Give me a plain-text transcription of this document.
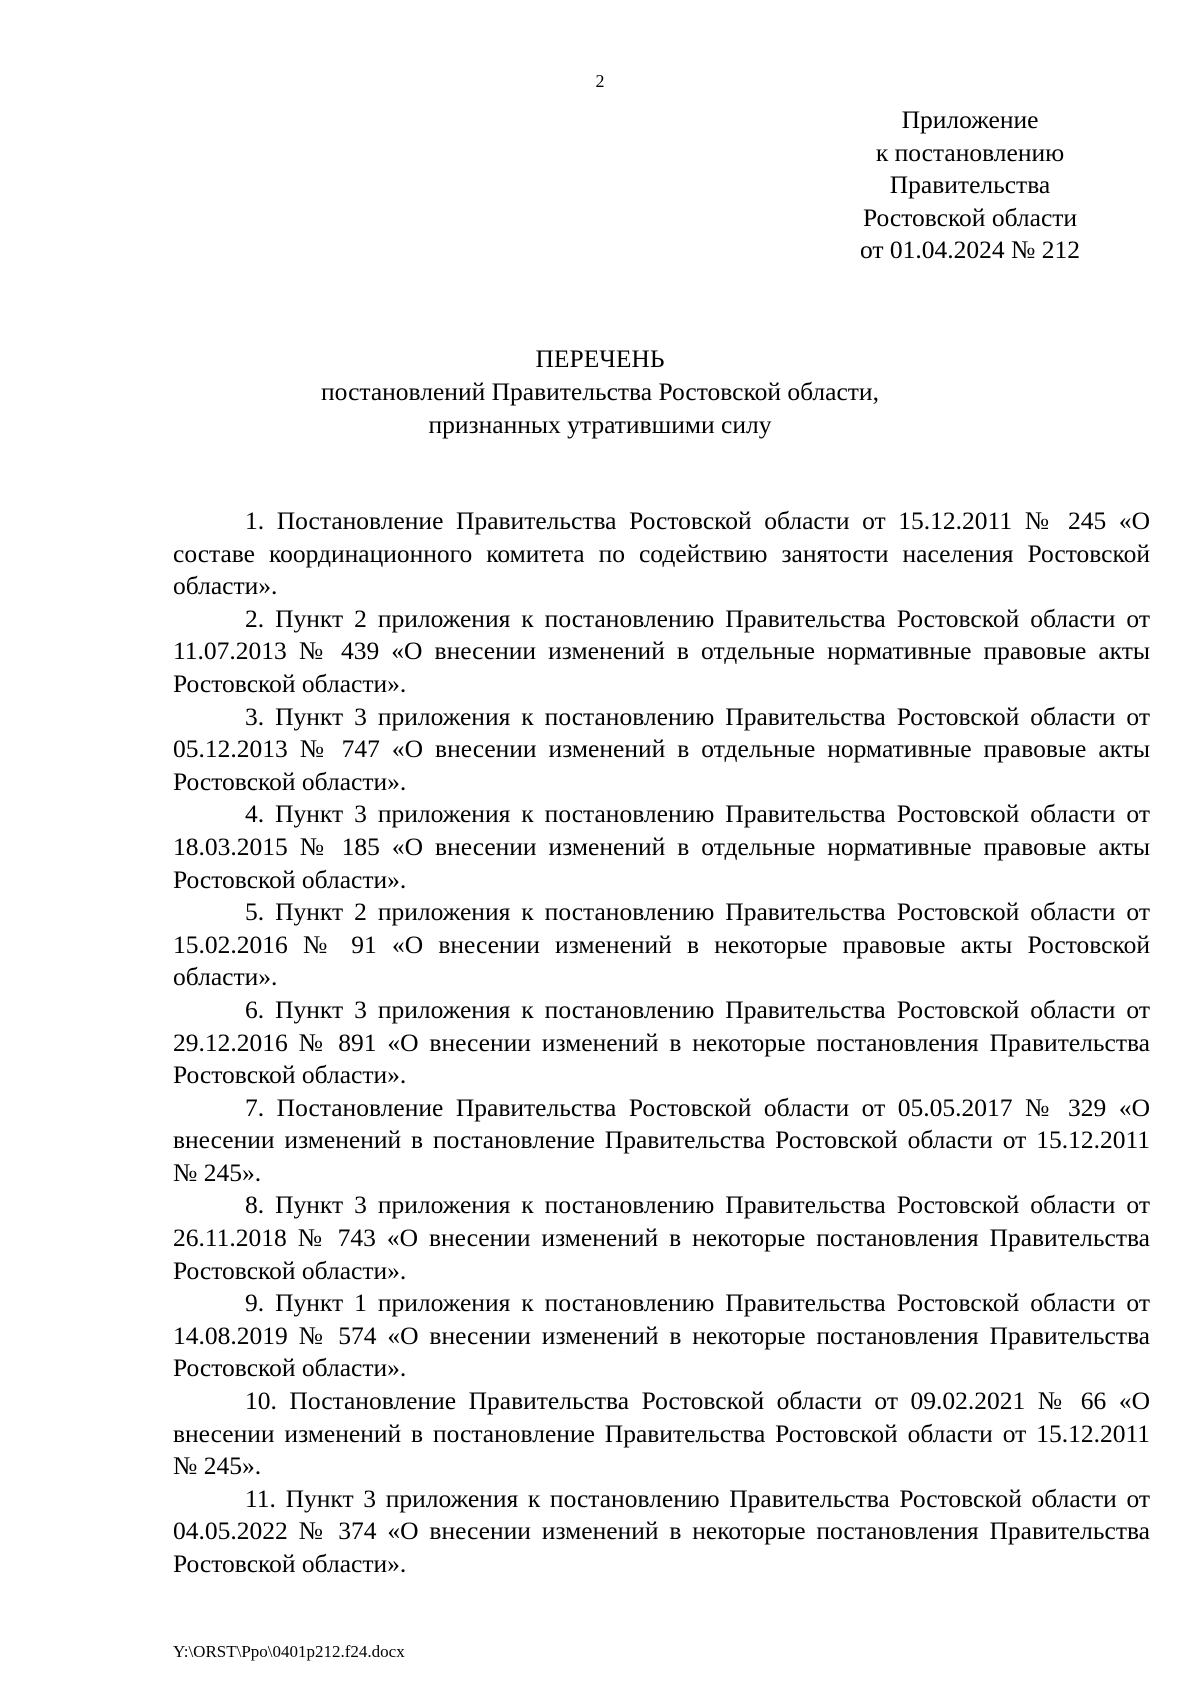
2
Приложение
к постановлению
Правительства
Ростовской области
от 01.04.2024 № 212
ПЕРЕЧЕНЬ
постановлений Правительства Ростовской области,
признанных утратившими силу

1. Постановление Правительства Ростовской области от 15.12.2011 № 245 «О составе координационного комитета по содействию занятости населения Ростовской области».

2. Пункт 2 приложения к постановлению Правительства Ростовской области от 11.07.2013 № 439 «О внесении изменений в отдельные нормативные правовые акты Ростовской области».

3. Пункт 3 приложения к постановлению Правительства Ростовской области от 05.12.2013 № 747 «О внесении изменений в отдельные нормативные правовые акты Ростовской области».

4. Пункт 3 приложения к постановлению Правительства Ростовской области от 18.03.2015 № 185 «О внесении изменений в отдельные нормативные правовые акты Ростовской области».

5. Пункт 2 приложения к постановлению Правительства Ростовской области от 15.02.2016 № 91 «О внесении изменений в некоторые правовые акты Ростовской области».

6. Пункт 3 приложения к постановлению Правительства Ростовской области от 29.12.2016 № 891 «О внесении изменений в некоторые постановления Правительства Ростовской области».

7. Постановление Правительства Ростовской области от 05.05.2017 № 329 «О внесении изменений в постановление Правительства Ростовской области от 15.12.2011 № 245».

8. Пункт 3 приложения к постановлению Правительства Ростовской области от 26.11.2018 № 743 «О внесении изменений в некоторые постановления Правительства Ростовской области».

9. Пункт 1 приложения к постановлению Правительства Ростовской области от 14.08.2019 № 574 «О внесении изменений в некоторые постановления Правительства Ростовской области».

10. Постановление Правительства Ростовской области от 09.02.2021 № 66 «О внесении изменений в постановление Правительства Ростовской области от 15.12.2011 № 245».

11. Пункт 3 приложения к постановлению Правительства Ростовской области от 04.05.2022 № 374 «О внесении изменений в некоторые постановления Правительства Ростовской области».

Y:\ORST\Ppo\0401p212.f24.docx
